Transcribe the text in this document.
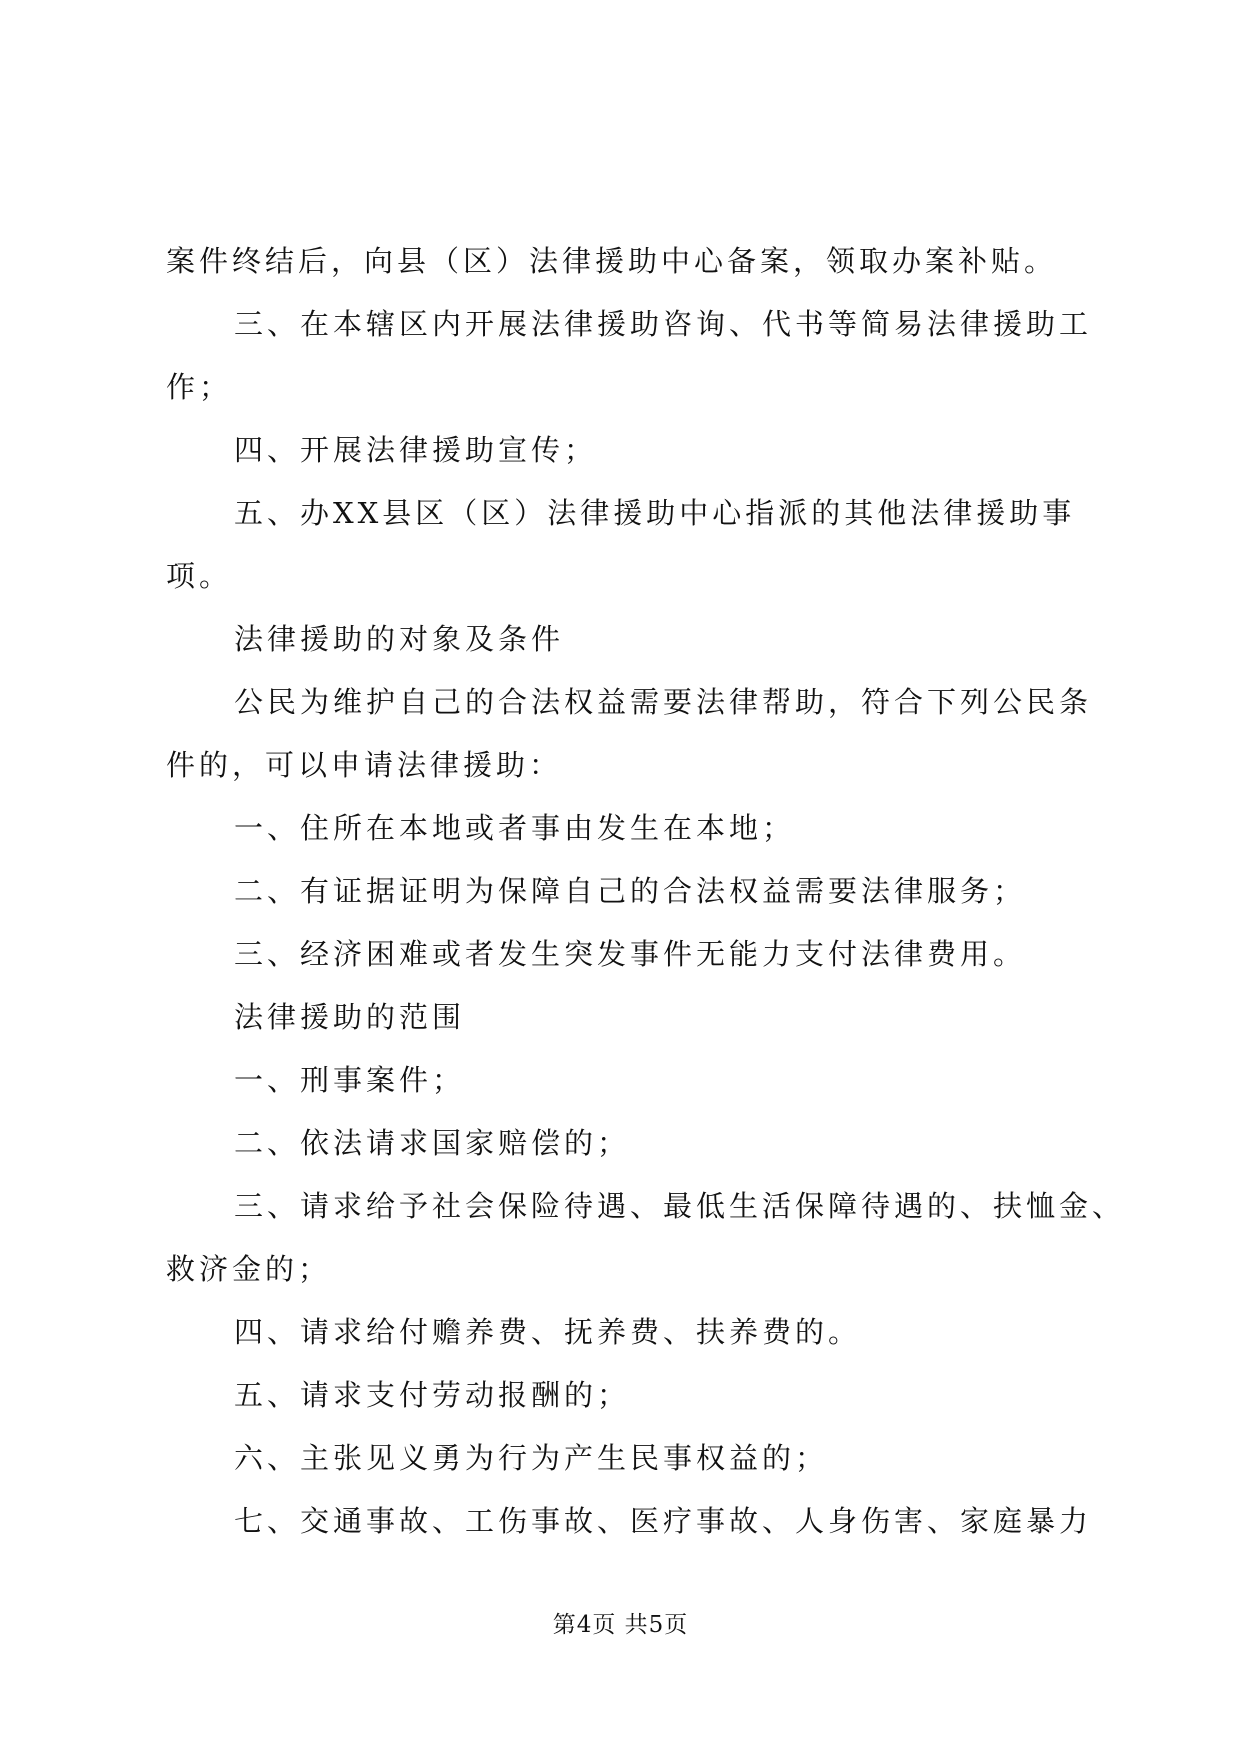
案件终结后，向县（区）法律援助中心备案，领取办案补贴。
三、在本辖区内开展法律援助咨询、代书等简易法律援助工
作；
四、开展法律援助宣传；
五、办XX县区（区）法律援助中心指派的其他法律援助事
项。
法律援助的对象及条件
公民为维护自己的合法权益需要法律帮助，符合下列公民条
件的，可以申请法律援助：
一、住所在本地或者事由发生在本地；
二、有证据证明为保障自己的合法权益需要法律服务；
三、经济困难或者发生突发事件无能力支付法律费用。
法律援助的范围
一、刑事案件；
二、依法请求国家赔偿的；
三、请求给予社会保险待遇、最低生活保障待遇的、扶恤金、
救济金的；
四、请求给付赡养费、抚养费、扶养费的。
五、请求支付劳动报酬的；
六、主张见义勇为行为产生民事权益的；
七、交通事故、工伤事故、医疗事故、人身伤害、家庭暴力
第4页 共5页
